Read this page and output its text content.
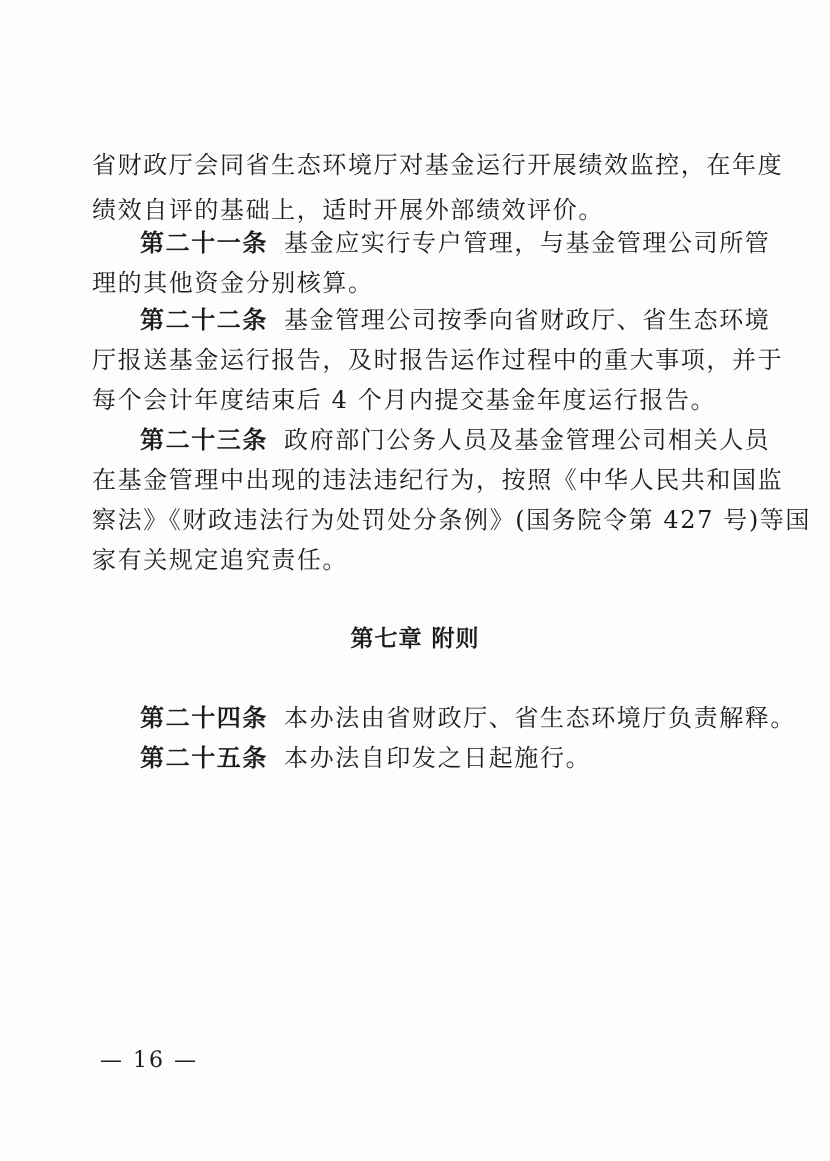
省财政厅会同省生态环境厅对基金运行开展绩效监控，在年度
绩效自评的基础上，适时开展外部绩效评价。
第二十一条 基金应实行专户管理，与基金管理公司所管
理的其他资金分别核算。
第二十二条 基金管理公司按季向省财政厅、省生态环境
厅报送基金运行报告，及时报告运作过程中的重大事项，并于
每个会计年度结束后 4 个月内提交基金年度运行报告。
第二十三条 政府部门公务人员及基金管理公司相关人员
在基金管理中出现的违法违纪行为，按照《中华人民共和国监
察法》《财政违法行为处罚处分条例》(国务院令第 427 号)等国
家有关规定追究责任。
第七章 附则
第二十四条 本办法由省财政厅、省生态环境厅负责解释。
第二十五条 本办法自印发之日起施行。
— 16 —
